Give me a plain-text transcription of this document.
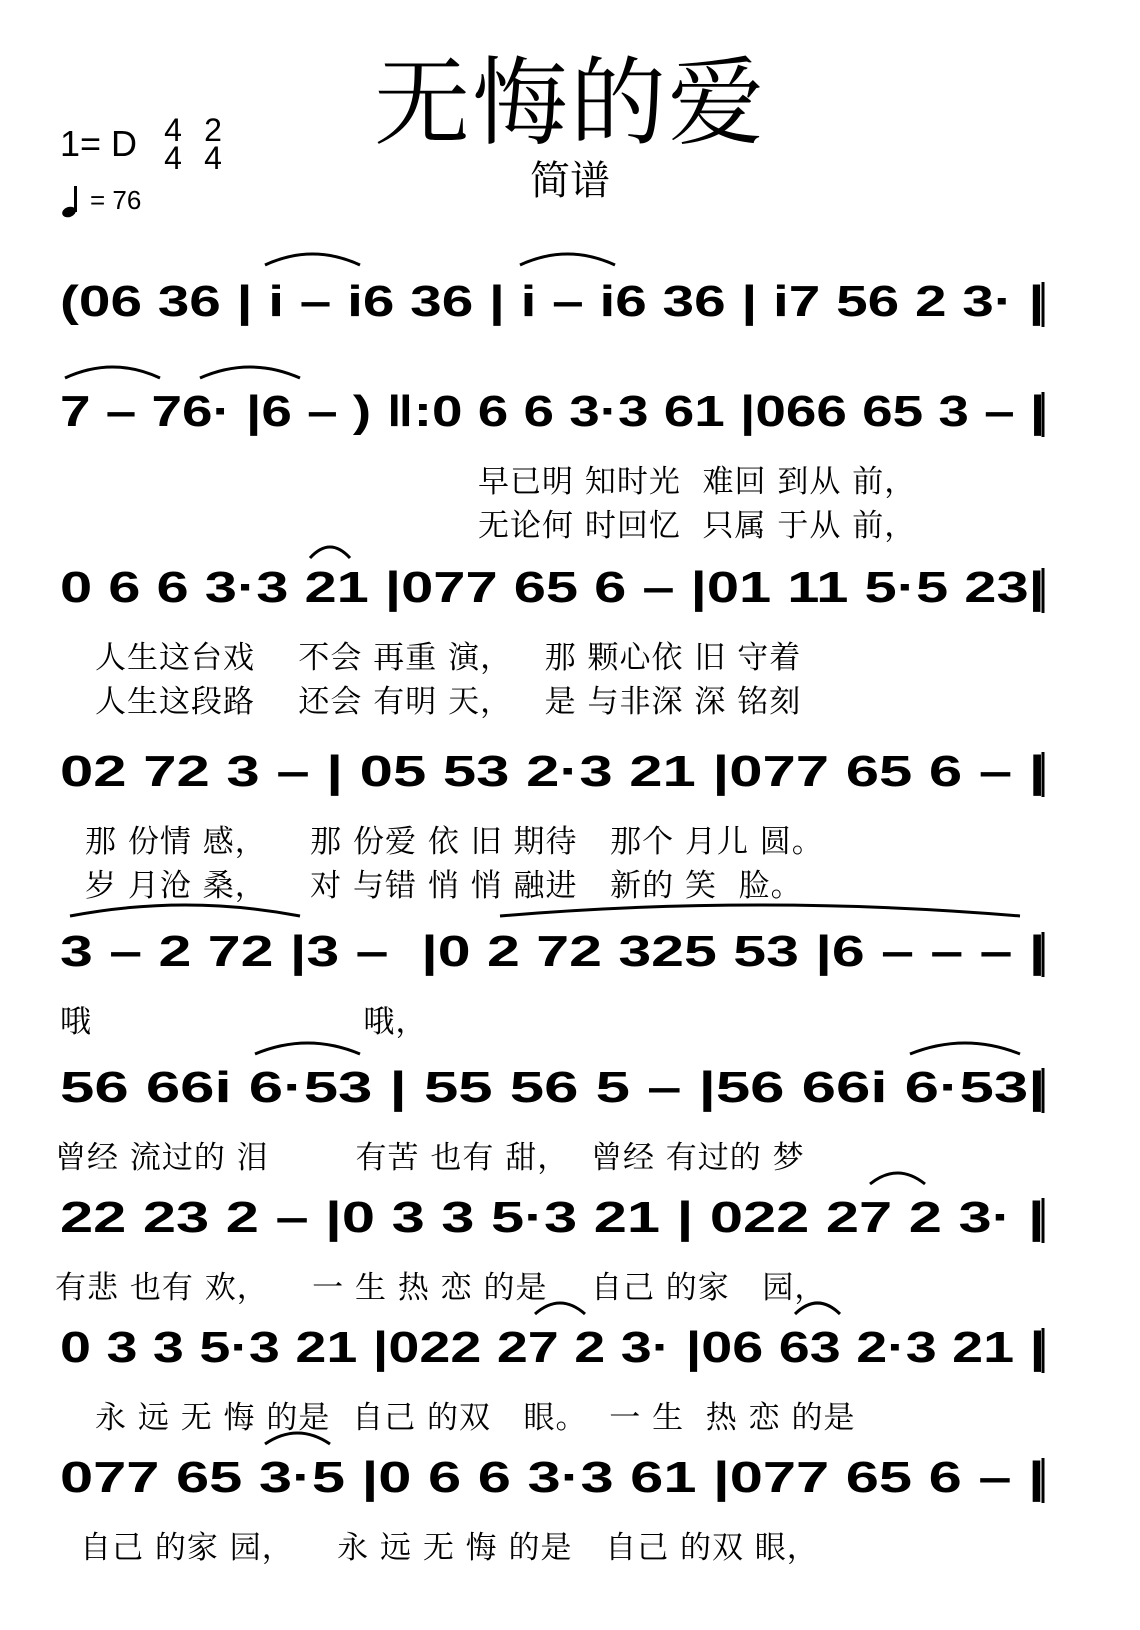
无悔的爱
简谱
1= D 4
4
2
4
= 76
(06 36 | i – i6 36 | i – i6 36 | i7 56 2 3· |
7 – 76· |6 – ) ‖:0 6 6 3·3 61 |066 65 3 – |
早已明 知时光  难回 到从 前，
无论何 时回忆  只属 于从 前，
0 6 6 3·3 21 |077 65 6 – |01 11 5·5 23|
人生这台戏    不会 再重 演，   那 颗心依 旧 守着
人生这段路    还会 有明 天，   是 与非深 深 铭刻
02 72 3 – | 05 53 2·3 21 |077 65 6 – |
那 份情 感，    那 份爱 依 旧 期待   那个 月儿 圆。
岁 月沧 桑，    对 与错 悄 悄 融进   新的 笑  脸。
3 – 2 72 |3 –  |0 2 72 325 53 |6 – – – |
哦                         哦，
56 66i 6·53 | 55 56 5 – |56 66i 6·53|
曾经 流过的 泪        有苦 也有 甜，  曾经 有过的 梦
22 23 2 – |0 3 3 5·3 21 | 022 27 2 3· |
有悲 也有 欢，    一 生 热 恋 的是    自己 的家   园，
0 3 3 5·3 21 |022 27 2 3· |06 63 2·3 21 |
永 远 无 悔 的是  自己 的双   眼。  一 生  热 恋 的是
077 65 3·5 |0 6 6 3·3 61 |077 65 6 – |
自己 的家 园，    永 远 无 悔 的是   自己 的双 眼，
